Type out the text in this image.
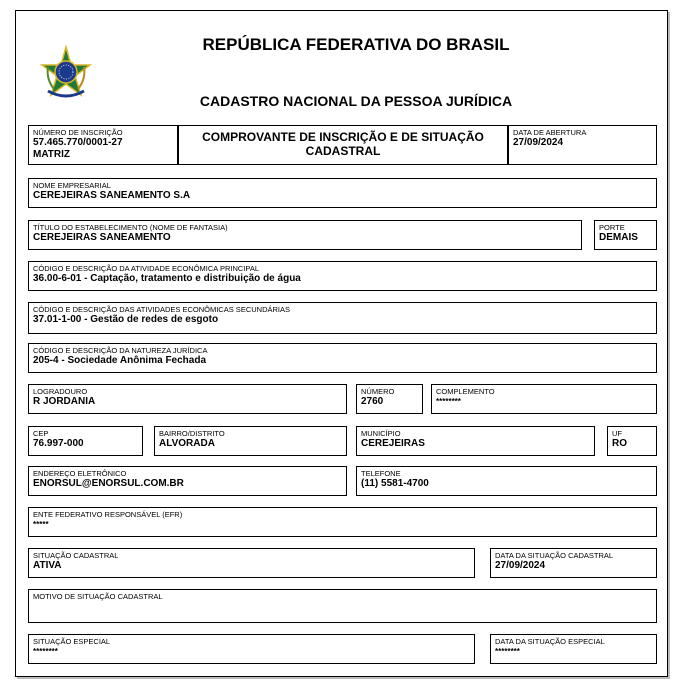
REPÚBLICA FEDERATIVA DO BRASIL
CADASTRO NACIONAL DA PESSOA JURÍDICA
NÚMERO DE INSCRIÇÃO
57.465.770/0001-27
MATRIZ
COMPROVANTE DE INSCRIÇÃO E DE SITUAÇÃO
CADASTRAL
DATA DE ABERTURA
27/09/2024
NOME EMPRESARIAL
CEREJEIRAS SANEAMENTO S.A
TÍTULO DO ESTABELECIMENTO (NOME DE FANTASIA)
CEREJEIRAS SANEAMENTO
PORTE
DEMAIS
CÓDIGO E DESCRIÇÃO DA ATIVIDADE ECONÔMICA PRINCIPAL
36.00-6-01 - Captação, tratamento e distribuição de água
CÓDIGO E DESCRIÇÃO DAS ATIVIDADES ECONÔMICAS SECUNDÁRIAS
37.01-1-00 - Gestão de redes de esgoto
CÓDIGO E DESCRIÇÃO DA NATUREZA JURÍDICA
205-4 - Sociedade Anônima Fechada
LOGRADOURO
R JORDANIA
NÚMERO
2760
COMPLEMENTO
********
CEP
76.997-000
BAIRRO/DISTRITO
ALVORADA
MUNICÍPIO
CEREJEIRAS
UF
RO
ENDEREÇO ELETRÔNICO
ENORSUL@ENORSUL.COM.BR
TELEFONE
(11) 5581-4700
ENTE FEDERATIVO RESPONSÁVEL (EFR)
*****
SITUAÇÃO CADASTRAL
ATIVA
DATA DA SITUAÇÃO CADASTRAL
27/09/2024
MOTIVO DE SITUAÇÃO CADASTRAL
SITUAÇÃO ESPECIAL
********
DATA DA SITUAÇÃO ESPECIAL
********
